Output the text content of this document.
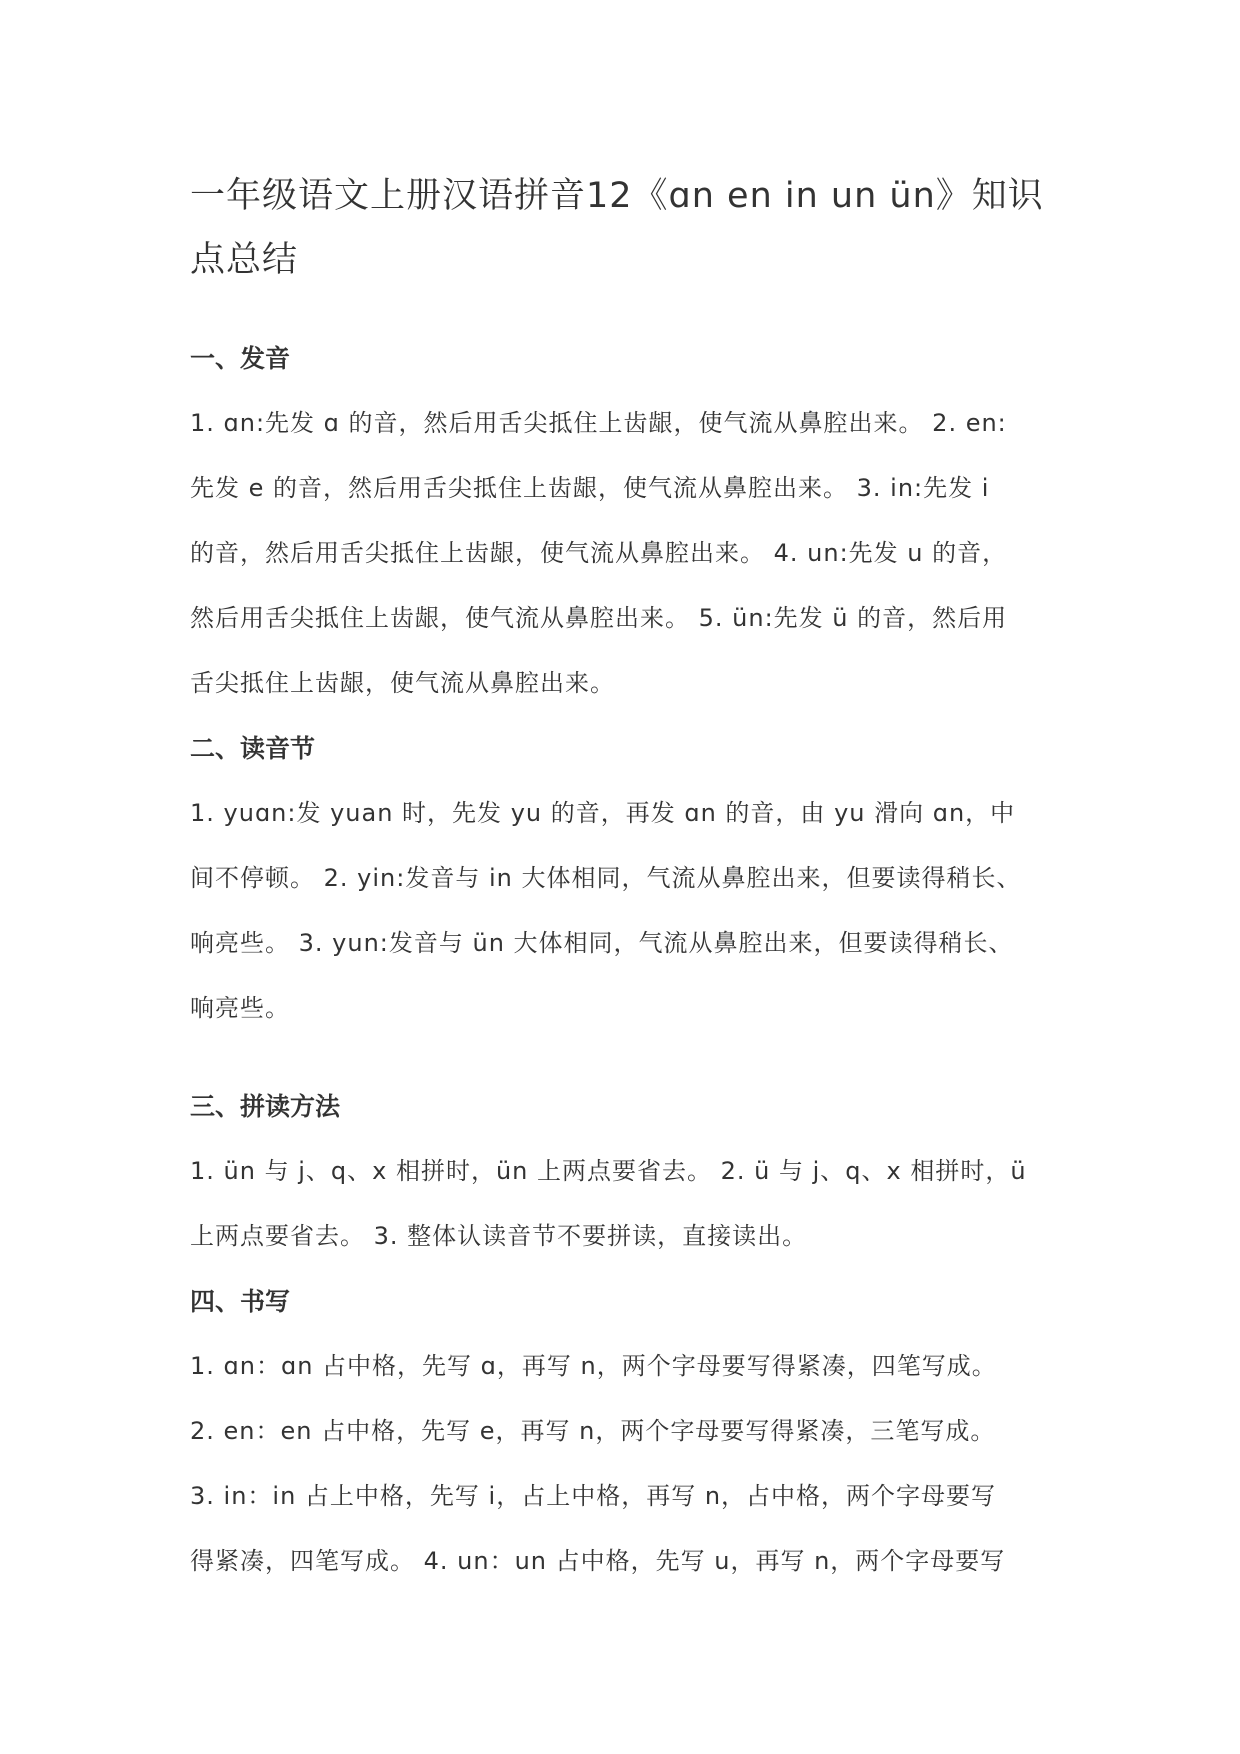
一年级语文上册汉语拼音12《ɑn en in un ün》知识
点总结
一、发音

1. ɑn:先发 ɑ 的音，然后用舌尖抵住上齿龈，使气流从鼻腔出来。 2. en:
先发 e 的音，然后用舌尖抵住上齿龈，使气流从鼻腔出来。 3. in:先发 i
的音，然后用舌尖抵住上齿龈，使气流从鼻腔出来。 4. un:先发 u 的音，
然后用舌尖抵住上齿龈，使气流从鼻腔出来。 5. ün:先发 ü 的音，然后用
舌尖抵住上齿龈，使气流从鼻腔出来。

二、读音节

1. yuɑn:发 yuan 时，先发 yu 的音，再发 ɑn 的音，由 yu 滑向 ɑn，中
间不停顿。 2. yin:发音与 in 大体相同，气流从鼻腔出来，但要读得稍长、
响亮些。 3. yun:发音与 ün 大体相同，气流从鼻腔出来，但要读得稍长、
响亮些。

三、拼读方法

1. ün 与 j、q、x 相拼时，ün 上两点要省去。 2. ü 与 j、q、x 相拼时，ü
上两点要省去。 3. 整体认读音节不要拼读，直接读出。

四、书写

1. ɑn：ɑn 占中格，先写 ɑ，再写 n，两个字母要写得紧凑，四笔写成。
2. en：en 占中格，先写 e，再写 n，两个字母要写得紧凑，三笔写成。
3. in：in 占上中格，先写 i，占上中格，再写 n，占中格，两个字母要写
得紧凑，四笔写成。 4. un：un 占中格，先写 u，再写 n，两个字母要写
